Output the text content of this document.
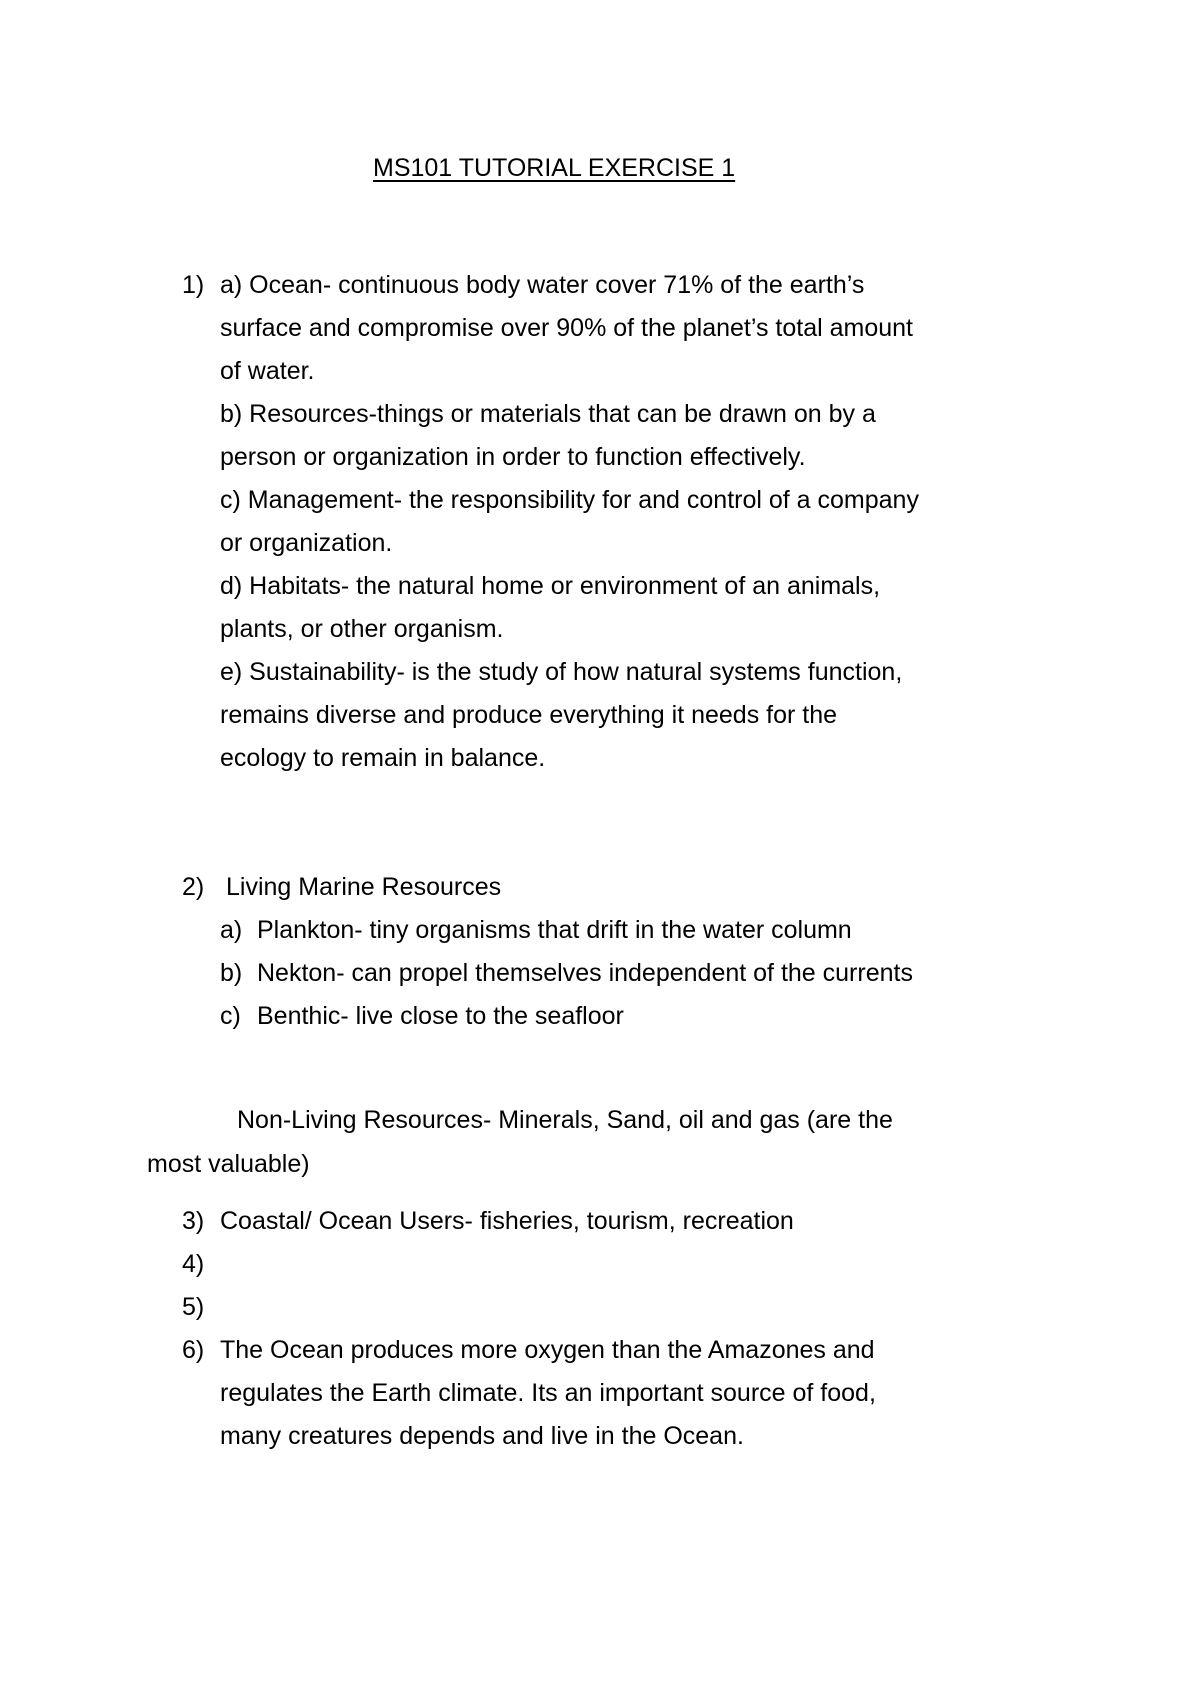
MS101 TUTORIAL EXERCISE 1
1) a) Ocean- continuous body water cover 71% of the earth’s
surface and compromise over 90% of the planet’s total amount
of water.
b) Resources-things or materials that can be drawn on by a
person or organization in order to function effectively.
c) Management- the responsibility for and control of a company
or organization.
d) Habitats- the natural home or environment of an animals,
plants, or other organism.
e) Sustainability- is the study of how natural systems function,
remains diverse and produce everything it needs for the
ecology to remain in balance.
2) Living Marine Resources
a) Plankton- tiny organisms that drift in the water column
b) Nekton- can propel themselves independent of the currents
c) Benthic- live close to the seafloor
Non-Living Resources- Minerals, Sand, oil and gas (are the
most valuable)
3) Coastal/ Ocean Users- fisheries, tourism, recreation
4)
5)
6) The Ocean produces more oxygen than the Amazones and
regulates the Earth climate. Its an important source of food,
many creatures depends and live in the Ocean.
